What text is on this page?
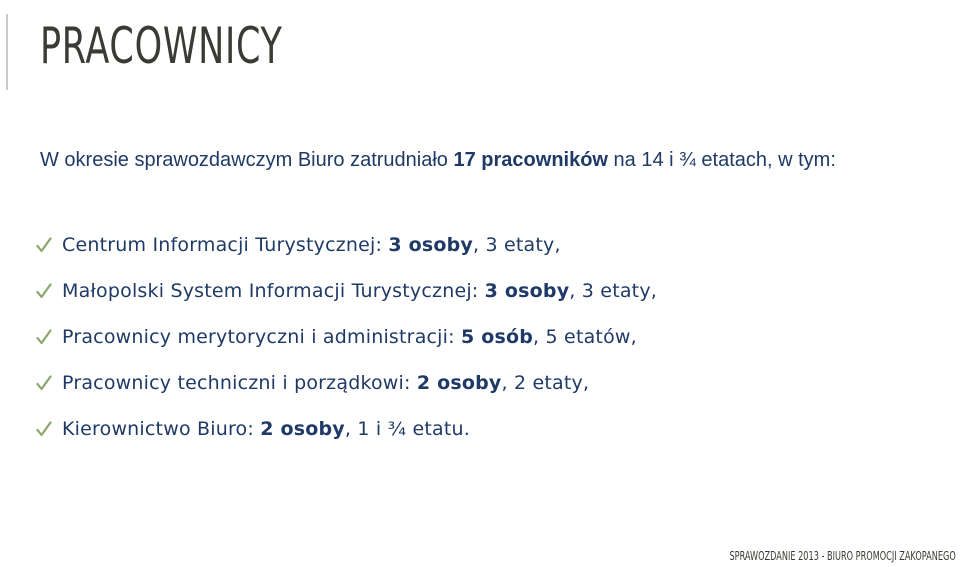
PRACOWNICY

W okresie sprawozdawczym Biuro zatrudniało 17 pracowników na 14 i ¾ etatach, w tym:

Centrum Informacji Turystycznej: 3 osoby, 3 etaty,
Małopolski System Informacji Turystycznej: 3 osoby, 3 etaty,
Pracownicy merytoryczni i administracji: 5 osób, 5 etatów,
Pracownicy techniczni i porządkowi: 2 osoby, 2 etaty,
Kierownictwo Biuro: 2 osoby, 1 i ¾ etatu.
SPRAWOZDANIE 2013 - BIURO PROMOCJI ZAKOPANEGO
